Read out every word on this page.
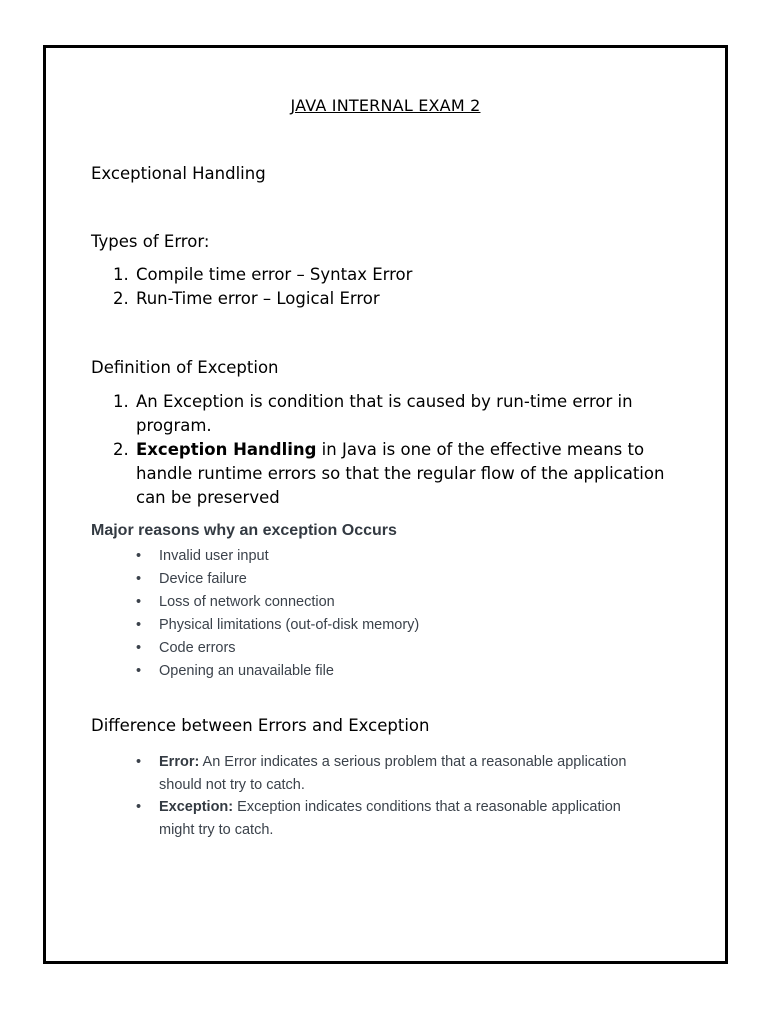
JAVA INTERNAL EXAM 2
Exceptional Handling
Types of Error:
1. Compile time error – Syntax Error
2. Run-Time error – Logical Error
Definition of Exception
1. An Exception is condition that is caused by run-time error in program.
2. Exception Handling in Java is one of the effective means to handle runtime errors so that the regular flow of the application can be preserved
Major reasons why an exception Occurs
• Invalid user input
• Device failure
• Loss of network connection
• Physical limitations (out-of-disk memory)
• Code errors
• Opening an unavailable file
Difference between Errors and Exception
• Error: An Error indicates a serious problem that a reasonable application should not try to catch.
• Exception: Exception indicates conditions that a reasonable application might try to catch.
